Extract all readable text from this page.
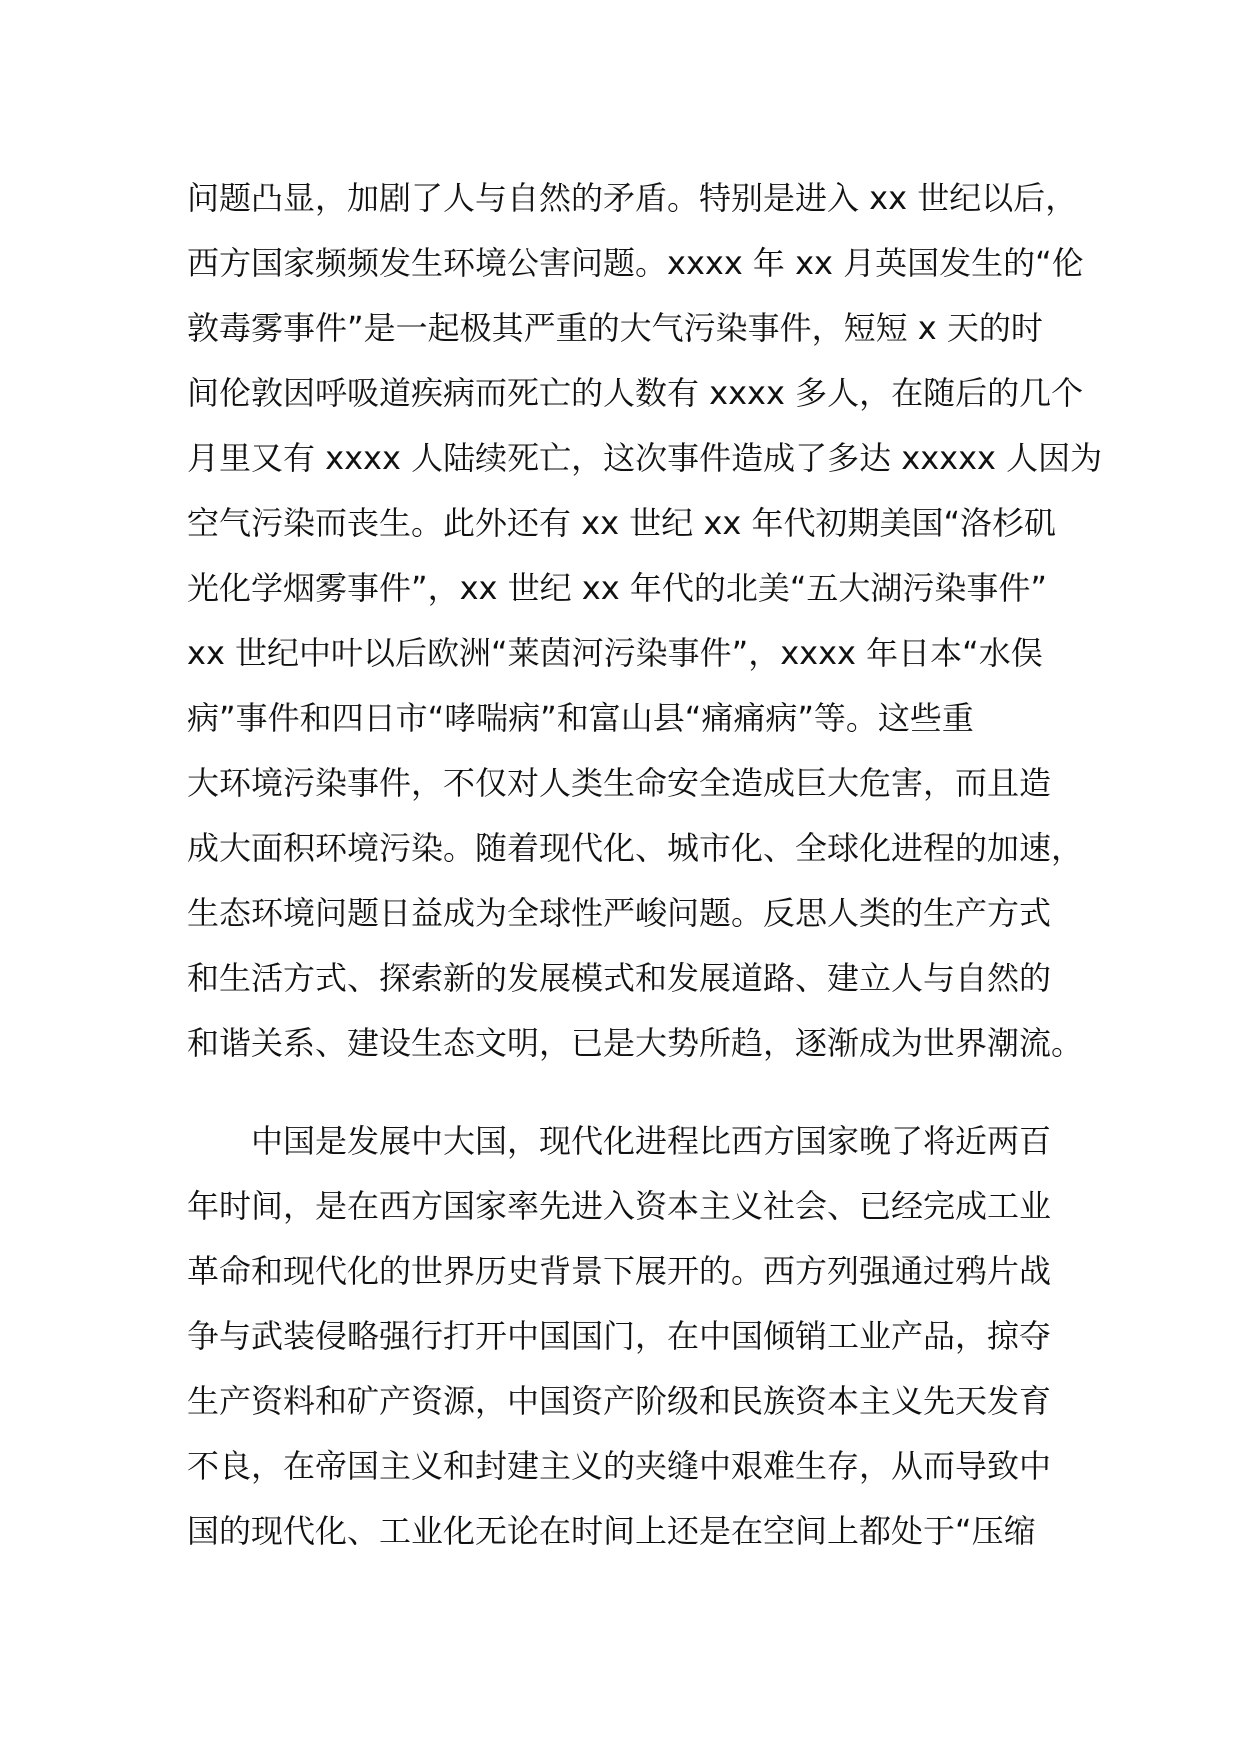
问题凸显，加剧了人与自然的矛盾。特别是进入 xx 世纪以后，
西方国家频频发生环境公害问题。xxxx 年 xx 月英国发生的“伦
敦毒雾事件”是一起极其严重的大气污染事件，短短 x 天的时
间伦敦因呼吸道疾病而死亡的人数有 xxxx 多人，在随后的几个
月里又有 xxxx 人陆续死亡，这次事件造成了多达 xxxxx 人因为
空气污染而丧生。此外还有 xx 世纪 xx 年代初期美国“洛杉矶
光化学烟雾事件”，xx 世纪 xx 年代的北美“五大湖污染事件”
xx 世纪中叶以后欧洲“莱茵河污染事件”，xxxx 年日本“水俣
病”事件和四日市“哮喘病”和富山县“痛痛病”等。这些重
大环境污染事件，不仅对人类生命安全造成巨大危害，而且造
成大面积环境污染。随着现代化、城市化、全球化进程的加速，
生态环境问题日益成为全球性严峻问题。反思人类的生产方式
和生活方式、探索新的发展模式和发展道路、建立人与自然的
和谐关系、建设生态文明，已是大势所趋，逐渐成为世界潮流。
　　中国是发展中大国，现代化进程比西方国家晚了将近两百
年时间，是在西方国家率先进入资本主义社会、已经完成工业
革命和现代化的世界历史背景下展开的。西方列强通过鸦片战
争与武装侵略强行打开中国国门，在中国倾销工业产品，掠夺
生产资料和矿产资源，中国资产阶级和民族资本主义先天发育
不良，在帝国主义和封建主义的夹缝中艰难生存，从而导致中
国的现代化、工业化无论在时间上还是在空间上都处于“压缩
